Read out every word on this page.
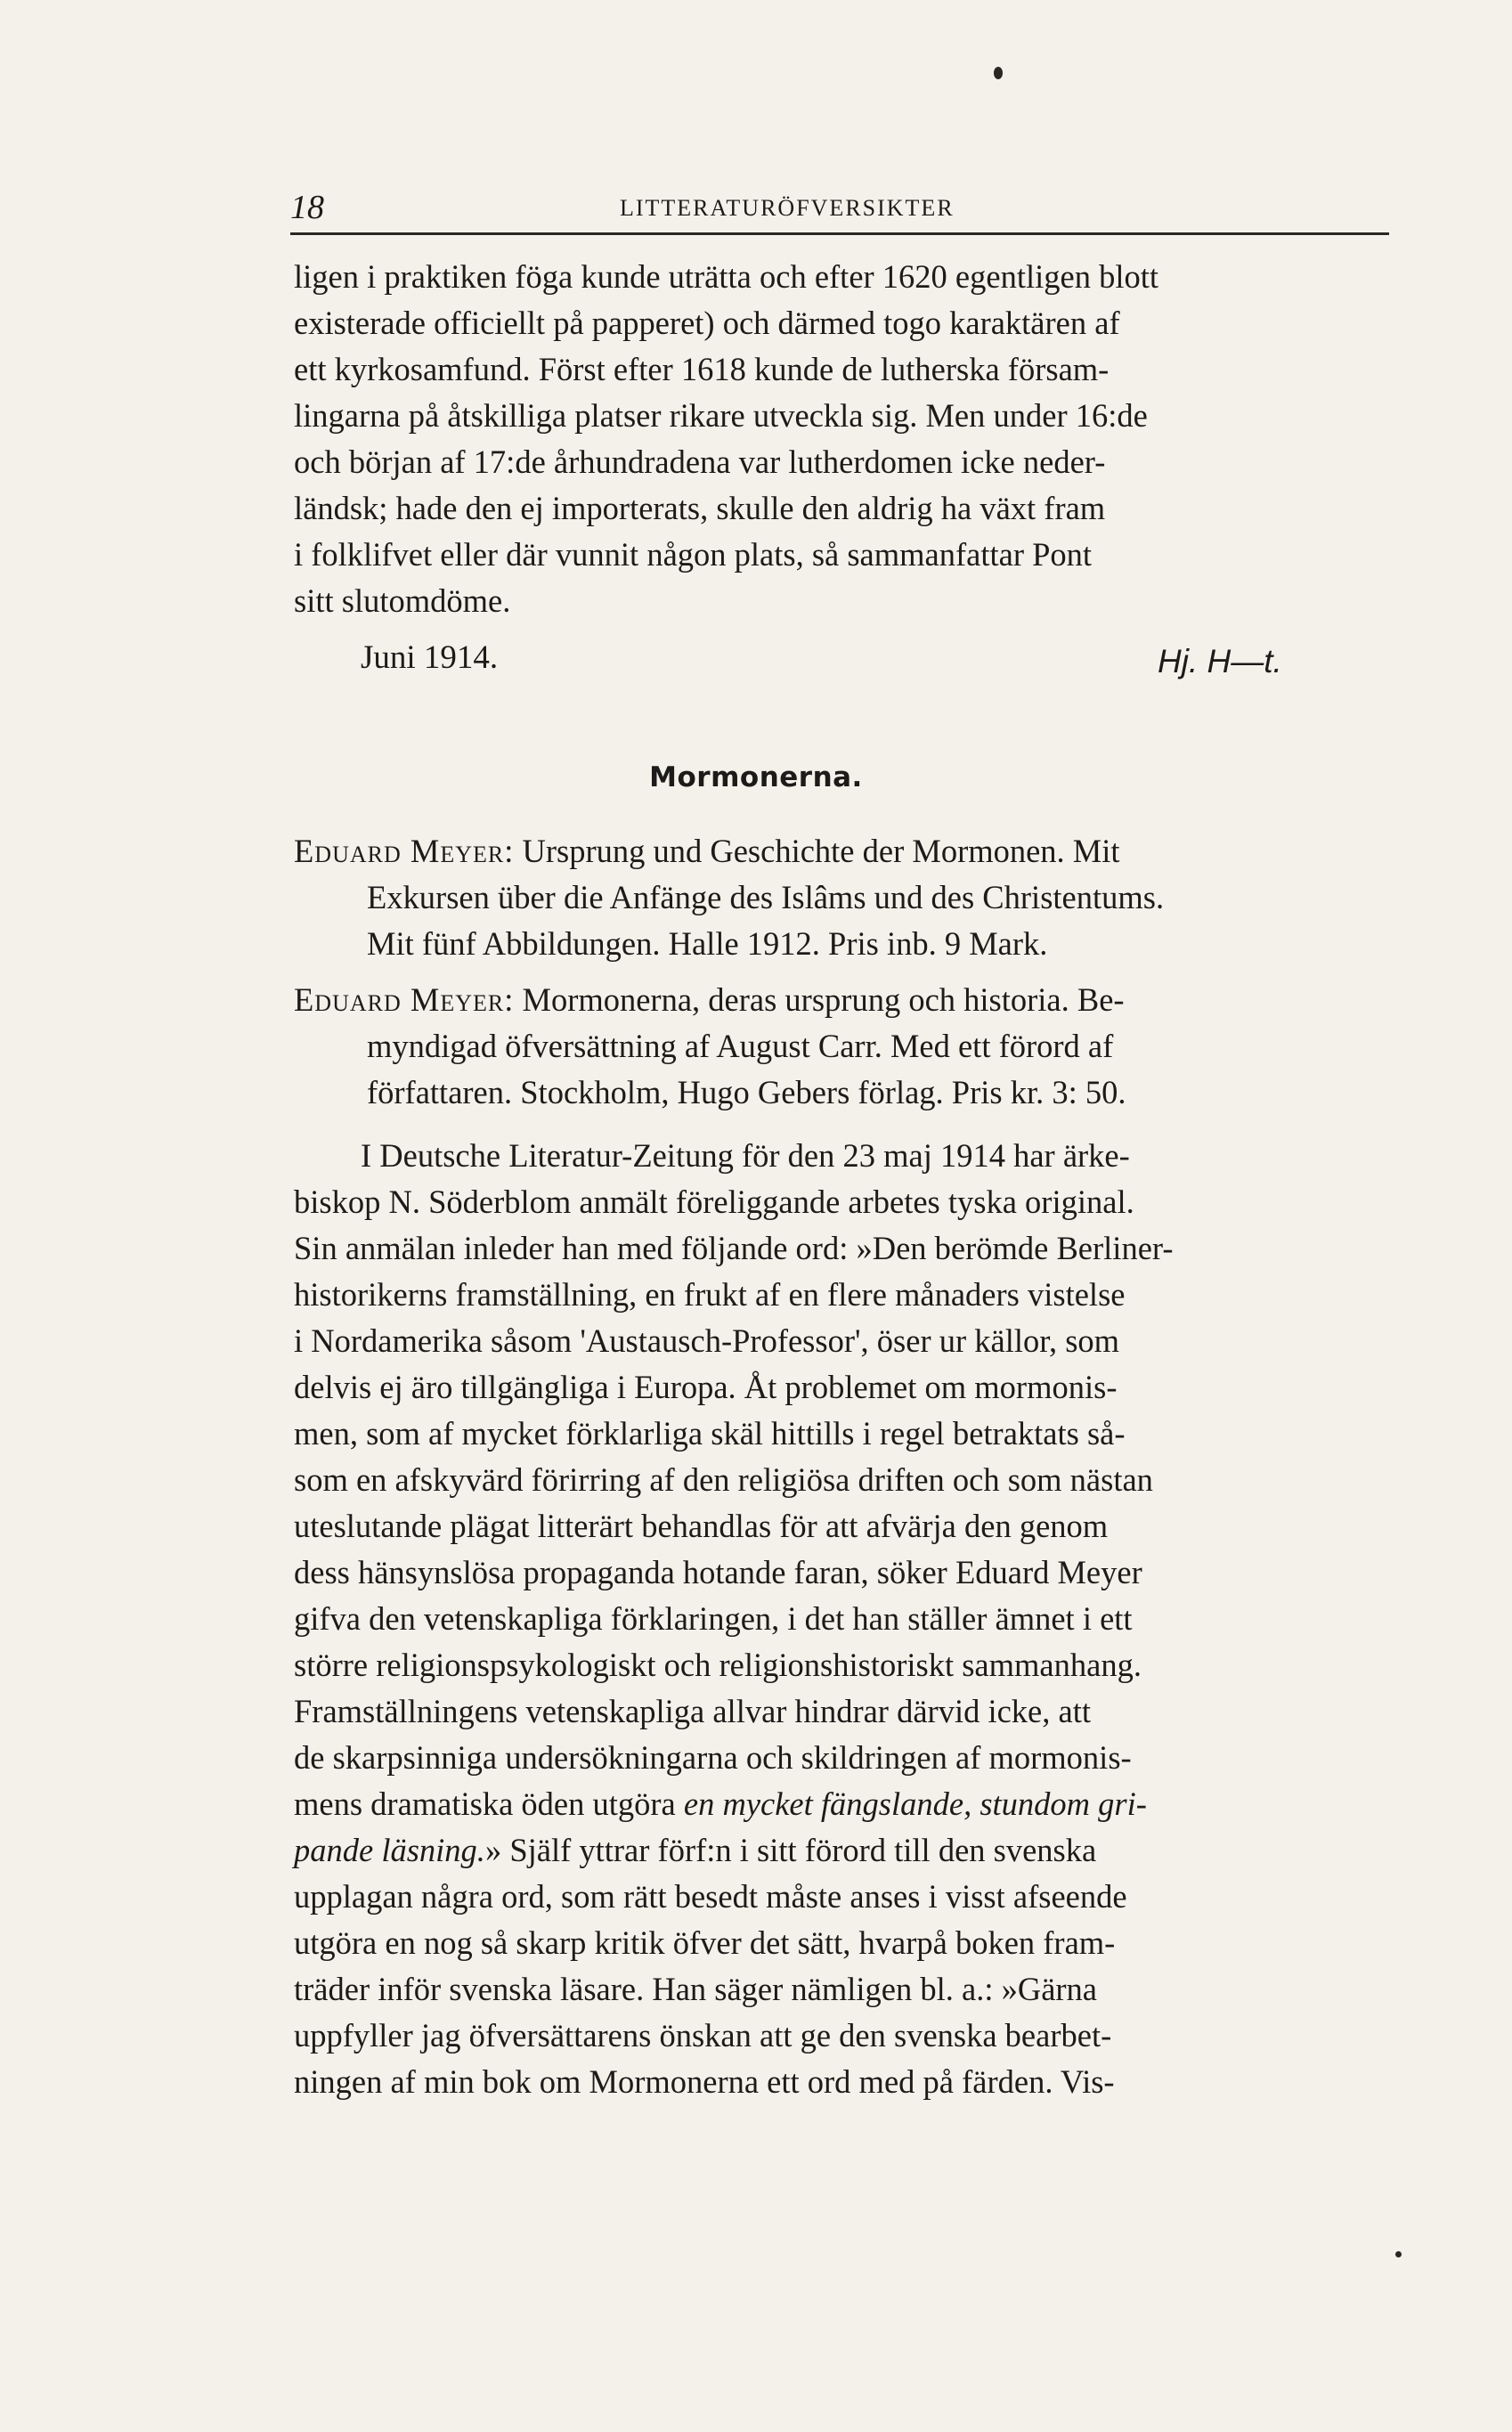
18	LITTERATURÖFVERSIKTER
ligen i praktiken föga kunde uträtta och efter 1620 egentligen blott
existerade officiellt på papperet) och därmed togo karaktären af
ett kyrkosamfund. Först efter 1618 kunde de lutherska försam-
lingarna på åtskilliga platser rikare utveckla sig. Men under 16:de
och början af 17:de århundradena var lutherdomen icke neder-
ländsk; hade den ej importerats, skulle den aldrig ha växt fram
i folklifvet eller där vunnit någon plats, så sammanfattar Pont
sitt slutomdöme.
Juni 1914.	Hj. H—t.
Mormonerna.
Eduard Meyer: Ursprung und Geschichte der Mormonen. Mit
Exkursen über die Anfänge des Islâms und des Christentums.
Mit fünf Abbildungen. Halle 1912. Pris inb. 9 Mark.
Eduard Meyer: Mormonerna, deras ursprung och historia. Be-
myndigad öfversättning af August Carr. Med ett förord af
författaren. Stockholm, Hugo Gebers förlag. Pris kr. 3: 50.
I Deutsche Literatur-Zeitung för den 23 maj 1914 har ärke-
biskop N. Söderblom anmält föreliggande arbetes tyska original.
Sin anmälan inleder han med följande ord: »Den berömde Berliner-
historikerns framställning, en frukt af en flere månaders vistelse
i Nordamerika såsom 'Austausch-Professor', öser ur källor, som
delvis ej äro tillgängliga i Europa. Åt problemet om mormonis-
men, som af mycket förklarliga skäl hittills i regel betraktats så-
som en afskyvärd förirring af den religiösa driften och som nästan
uteslutande plägat litterärt behandlas för att afvärja den genom
dess hänsynslösa propaganda hotande faran, söker Eduard Meyer
gifva den vetenskapliga förklaringen, i det han ställer ämnet i ett
större religionspsykologiskt och religionshistoriskt sammanhang.
Framställningens vetenskapliga allvar hindrar därvid icke, att
de skarpsinniga undersökningarna och skildringen af mormonis-
mens dramatiska öden utgöra en mycket fängslande, stundom gri-
pande läsning.» Själf yttrar förf:n i sitt förord till den svenska
upplagan några ord, som rätt besedt måste anses i visst afseende
utgöra en nog så skarp kritik öfver det sätt, hvarpå boken fram-
träder inför svenska läsare. Han säger nämligen bl. a.: »Gärna
uppfyller jag öfversättarens önskan att ge den svenska bearbet-
ningen af min bok om Mormonerna ett ord med på färden. Vis-
